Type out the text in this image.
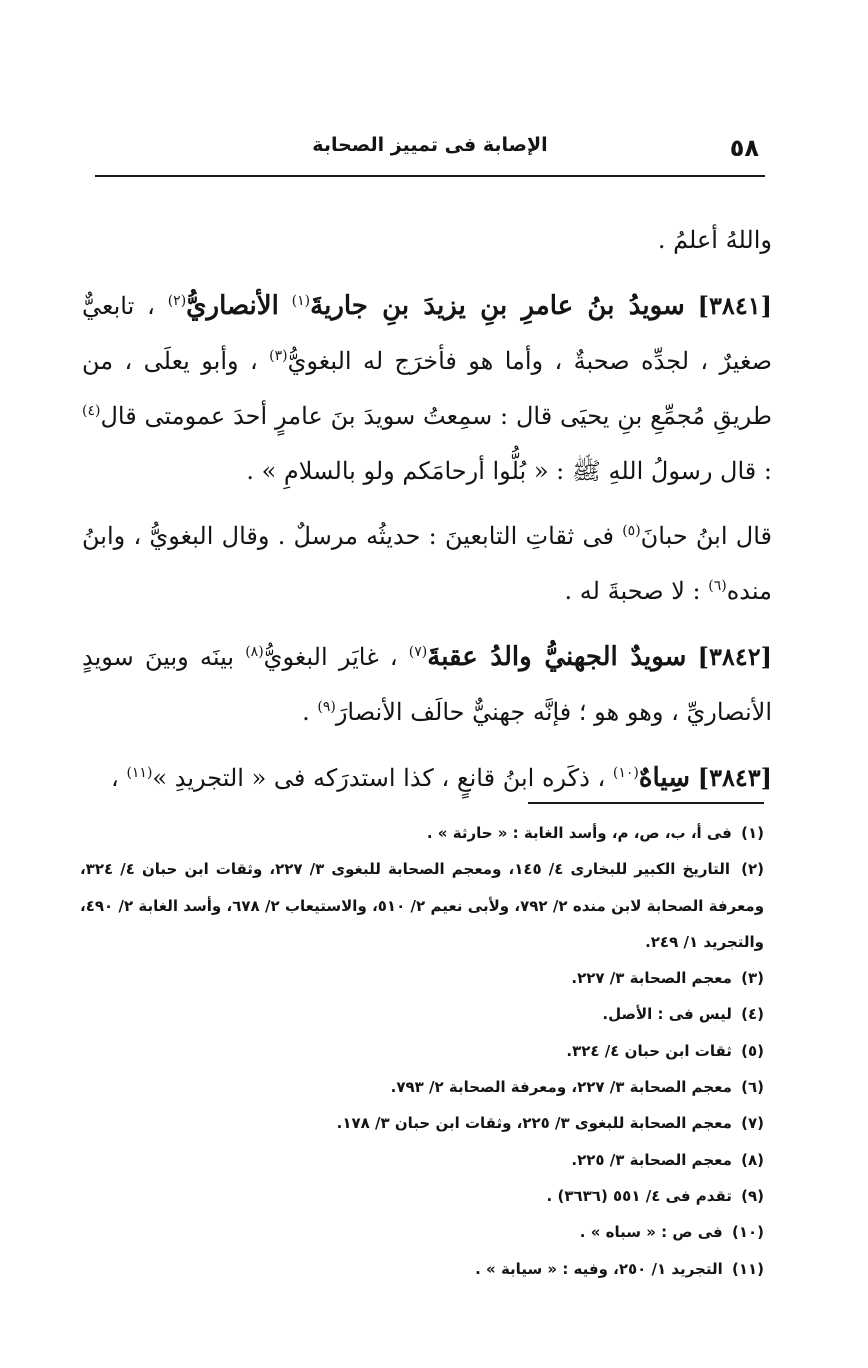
٥٨
الإصابة فى تمييز الصحابة

واللهُ أعلمُ .

[٣٨٤١] سويدُ بنُ عامرِ بنِ يزيدَ بنِ جاريةَ$^{(١)}$ الأنصاريُّ$^{(٢)}$ ، تابعيٌّ صغيرٌ ، لجدِّه صحبةٌ ، وأما هو فأخرَج له البغويُّ$^{(٣)}$ ، وأبو يعلَى ، من طريقِ مُجمِّعِ بنِ يحيَى قال : سمِعتُ سويدَ بنَ عامرٍ أحدَ عمومتى قال$^{(٤)}$ : قال رسولُ اللهِ ﷺ : « بُلُّوا أرحامَكم ولو بالسلامِ » .

قال ابنُ حبانَ$^{(٥)}$ فى ثقاتِ التابعينَ : حديثُه مرسلٌ . وقال البغويُّ ، وابنُ منده$^{(٦)}$ : لا صحبةَ له .

[٣٨٤٢] سويدٌ الجهنيُّ والدُ عقبةَ$^{(٧)}$ ، غايَر البغويُّ$^{(٨)}$ بينَه وبينَ سويدٍ الأنصاريِّ ، وهو هو ؛ فإنَّه جهنيٌّ حالَف الأنصارَ$^{(٩)}$ .

[٣٨٤٣] سِياهٌ$^{(١٠)}$ ، ذكَره ابنُ قانعٍ ، كذا استدرَكه فى « التجريدِ »$^{(١١)}$ ،

(١) فى أ، ب، ص، م، وأسد الغابة : « حارثة » .

(٢) التاريخ الكبير للبخارى ٤/ ١٤٥، ومعجم الصحابة للبغوى ٣/ ٢٢٧، وثقات ابن حبان ٤/ ٣٢٤، ومعرفة الصحابة لابن منده ٢/ ٧٩٢، ولأبى نعيم ٢/ ٥١٠، والاستيعاب ٢/ ٦٧٨، وأسد الغابة ٢/ ٤٩٠، والتجريد ١/ ٢٤٩.

(٣) معجم الصحابة ٣/ ٢٢٧.

(٤) ليس فى : الأصل.

(٥) ثقات ابن حبان ٤/ ٣٢٤.

(٦) معجم الصحابة ٣/ ٢٢٧، ومعرفة الصحابة ٢/ ٧٩٣.

(٧) معجم الصحابة للبغوى ٣/ ٢٢٥، وثقات ابن حبان ٣/ ١٧٨.

(٨) معجم الصحابة ٣/ ٢٢٥.

(٩) تقدم فى ٤/ ٥٥١ (٣٦٣٦) .

(١٠) فى ص : « سباه » .

(١١) التجريد ١/ ٢٥٠، وفيه : « سيابة » .
